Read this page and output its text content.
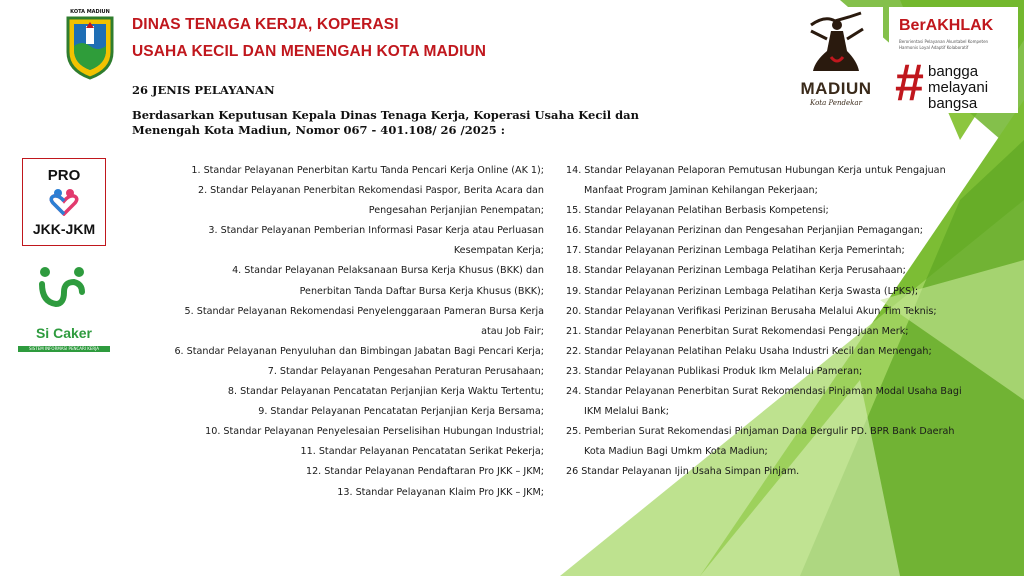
KOTA MADIUN
DINAS TENAGA KERJA, KOPERASI
USAHA KECIL DAN MENENGAH KOTA MADIUN
26 JENIS PELAYANAN
Berdasarkan Keputusan Kepala Dinas Tenaga Kerja, Koperasi Usaha Kecil dan
Menengah Kota Madiun, Nomor 067 - 401.108/ 26 /2025 :
PRO
JKK-JKM
Si Caker
SISTEM INFORMASI PENCARI KERJA
1. Standar Pelayanan Penerbitan Kartu Tanda Pencari Kerja Online (AK 1);
2. Standar Pelayanan Penerbitan Rekomendasi Paspor, Berita Acara dan
Pengesahan Perjanjian Penempatan;
3. Standar Pelayanan Pemberian Informasi Pasar Kerja atau Perluasan
Kesempatan Kerja;
4. Standar Pelayanan Pelaksanaan Bursa Kerja Khusus (BKK) dan
Penerbitan Tanda Daftar Bursa Kerja Khusus (BKK);
5. Standar Pelayanan Rekomendasi Penyelenggaraan Pameran Bursa Kerja
atau Job Fair;
6. Standar Pelayanan Penyuluhan dan Bimbingan Jabatan Bagi Pencari Kerja;
7. Standar Pelayanan Pengesahan Peraturan Perusahaan;
8. Standar Pelayanan Pencatatan Perjanjian Kerja Waktu Tertentu;
9. Standar Pelayanan Pencatatan Perjanjian Kerja Bersama;
10. Standar Pelayanan Penyelesaian Perselisihan Hubungan Industrial;
11. Standar Pelayanan Pencatatan Serikat Pekerja;
12. Standar Pelayanan Pendaftaran Pro JKK – JKM;
13. Standar Pelayanan Klaim Pro JKK – JKM;
14. Standar Pelayanan Pelaporan Pemutusan Hubungan Kerja untuk Pengajuan
Manfaat Program Jaminan Kehilangan Pekerjaan;
15. Standar Pelayanan Pelatihan Berbasis Kompetensi;
16. Standar Pelayanan Perizinan dan Pengesahan Perjanjian Pemagangan;
17. Standar Pelayanan Perizinan Lembaga Pelatihan Kerja Pemerintah;
18. Standar Pelayanan Perizinan Lembaga Pelatihan Kerja Perusahaan;
19. Standar Pelayanan Perizinan Lembaga Pelatihan Kerja Swasta (LPKS);
20. Standar Pelayanan Verifikasi Perizinan Berusaha Melalui Akun Tim Teknis;
21. Standar Pelayanan Penerbitan Surat Rekomendasi Pengajuan Merk;
22. Standar Pelayanan Pelatihan Pelaku Usaha Industri Kecil dan Menengah;
23. Standar Pelayanan Publikasi Produk Ikm Melalui Pameran;
24. Standar Pelayanan Penerbitan Surat Rekomendasi Pinjaman Modal Usaha Bagi
IKM Melalui Bank;
25. Pemberian Surat Rekomendasi Pinjaman Dana Bergulir PD. BPR Bank Daerah
Kota Madiun Bagi Umkm Kota Madiun;
26 Standar Pelayanan Ijin Usaha Simpan Pinjam.
MADIUN
Kota Pendekar
BerAKHLAK
Berorientasi Pelayanan Akuntabel Kompeten
Harmonis Loyal Adaptif Kolaboratif
# bangga
melayani
bangsa
